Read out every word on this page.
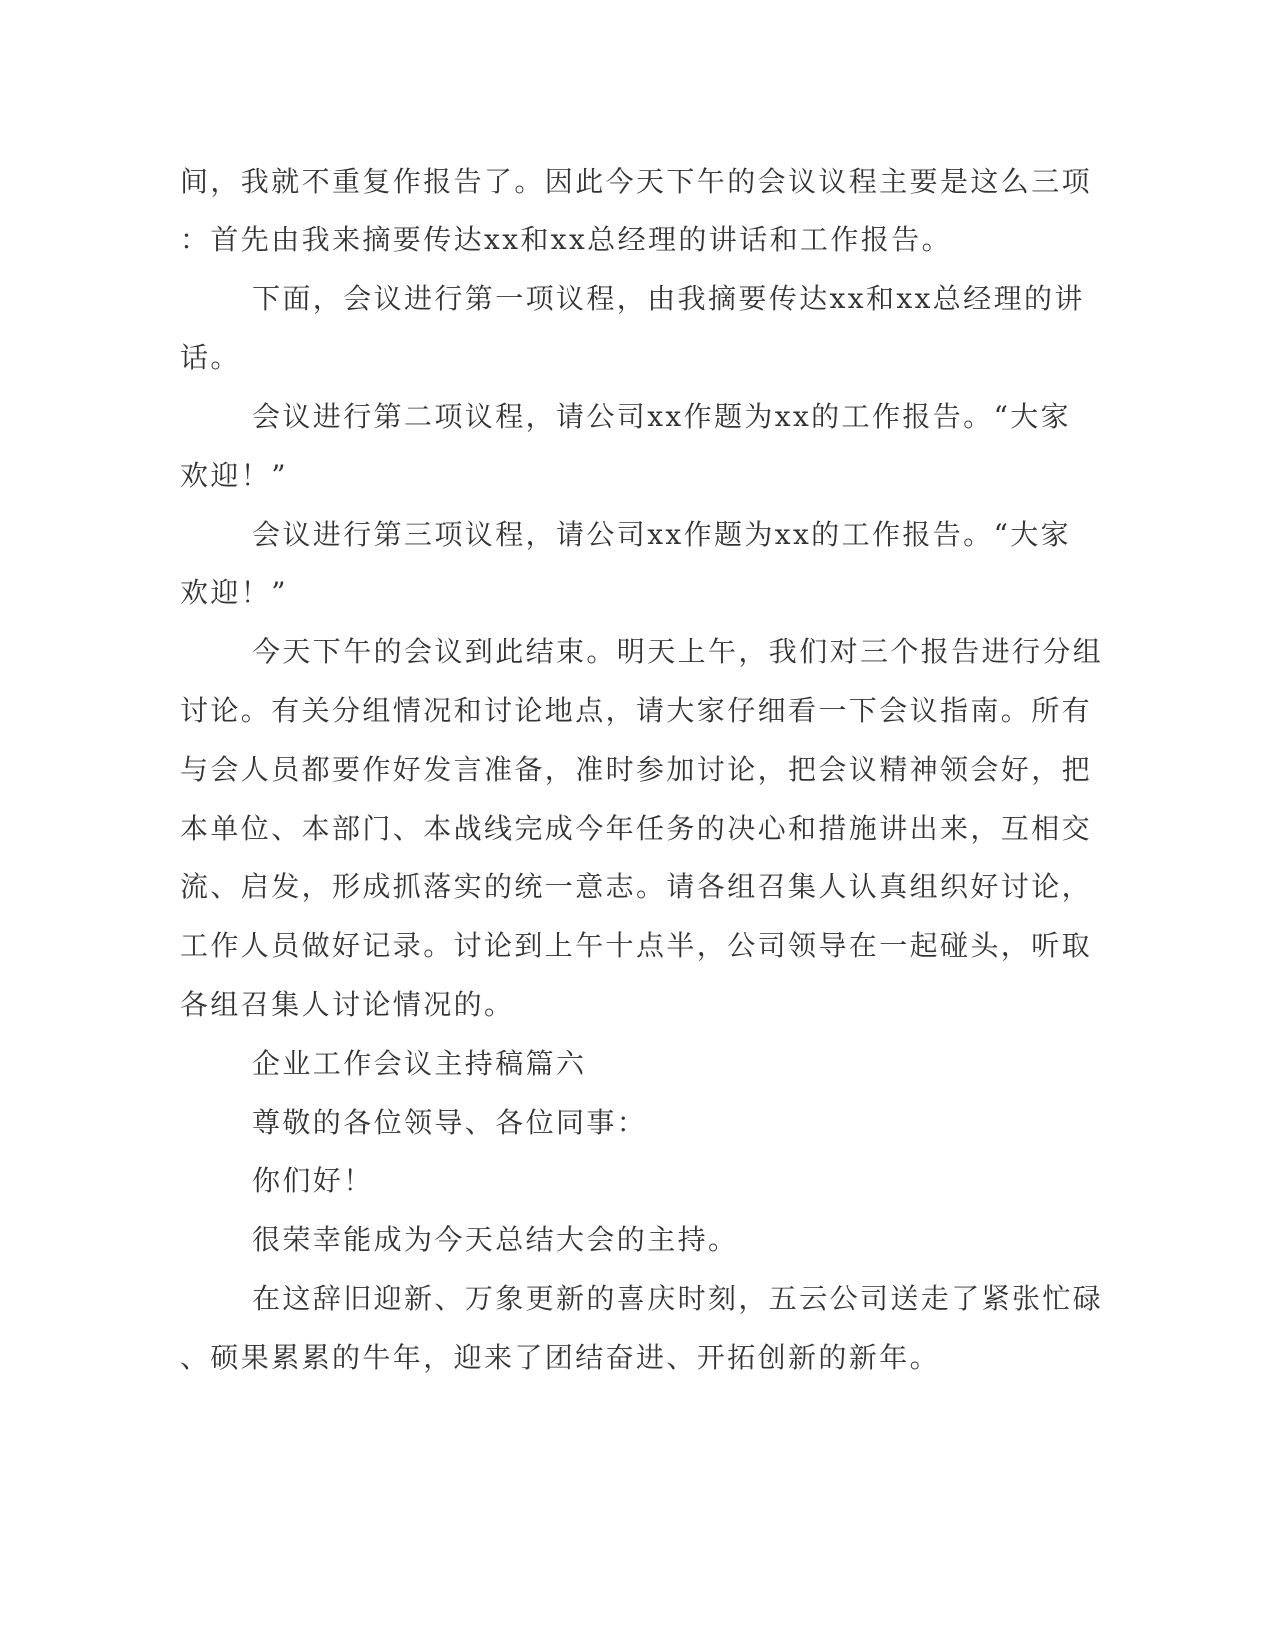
间，我就不重复作报告了。因此今天下午的会议议程主要是这么三项

：首先由我来摘要传达xx和xx总经理的讲话和工作报告。

下面，会议进行第一项议程，由我摘要传达xx和xx总经理的讲

话。

会议进行第二项议程，请公司xx作题为xx的工作报告。“大家

欢迎！”

会议进行第三项议程，请公司xx作题为xx的工作报告。“大家

欢迎！”

今天下午的会议到此结束。明天上午，我们对三个报告进行分组

讨论。有关分组情况和讨论地点，请大家仔细看一下会议指南。所有

与会人员都要作好发言准备，准时参加讨论，把会议精神领会好，把

本单位、本部门、本战线完成今年任务的决心和措施讲出来，互相交

流、启发，形成抓落实的统一意志。请各组召集人认真组织好讨论，

工作人员做好记录。讨论到上午十点半，公司领导在一起碰头，听取

各组召集人讨论情况的。

企业工作会议主持稿篇六

尊敬的各位领导、各位同事：

你们好！

很荣幸能成为今天总结大会的主持。

在这辞旧迎新、万象更新的喜庆时刻，五云公司送走了紧张忙碌

、硕果累累的牛年，迎来了团结奋进、开拓创新的新年。
